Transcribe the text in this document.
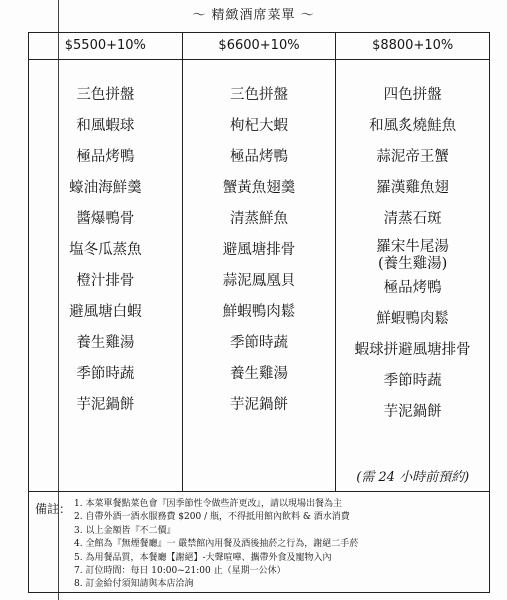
～ 精緻酒席菜單 ～
$5500+10%	$6600+10%	$8800+10%
三色拼盤
和風蝦球
極品烤鴨
蠔油海鮮羹
醬爆鴨骨
塩冬瓜蒸魚
橙汁排骨
避風塘白蝦
養生雞湯
季節時蔬
芋泥鍋餅
三色拼盤
枸杞大蝦
極品烤鴨
蟹黃魚翅羹
清蒸鮮魚
避風塘排骨
蒜泥鳳凰貝
鮮蝦鴨肉鬆
季節時蔬
養生雞湯
芋泥鍋餅
四色拼盤
和風炙燒鮭魚
蒜泥帝王蟹
羅漢雞魚翅
清蒸石斑
羅宋牛尾湯
(養生雞湯)
極品烤鴨
鮮蝦鴨肉鬆
蝦球拼避風塘排骨
季節時蔬
芋泥鍋餅
(需 24 小時前預約)
備註： 1. 本菜單餐點菜色會『因季節性令做些許更改』，請以現場出餐為主
2. 自帶外酒一酒水服務費 $200 / 瓶，不得抵用館內飲料 & 酒水消費
3. 以上金額皆『不二價』
4. 全館為『無煙餐廳』一 嚴禁館內用餐及酒後抽菸之行為，謝絕二手菸
5. 為用餐品質，本餐廳【謝絕】-大聲喧嘩、攜帶外食及寵物入內
7. 訂位時間：每日 10:00~21:00 止（星期一公休）
8. 訂金給付須知請與本店洽詢
